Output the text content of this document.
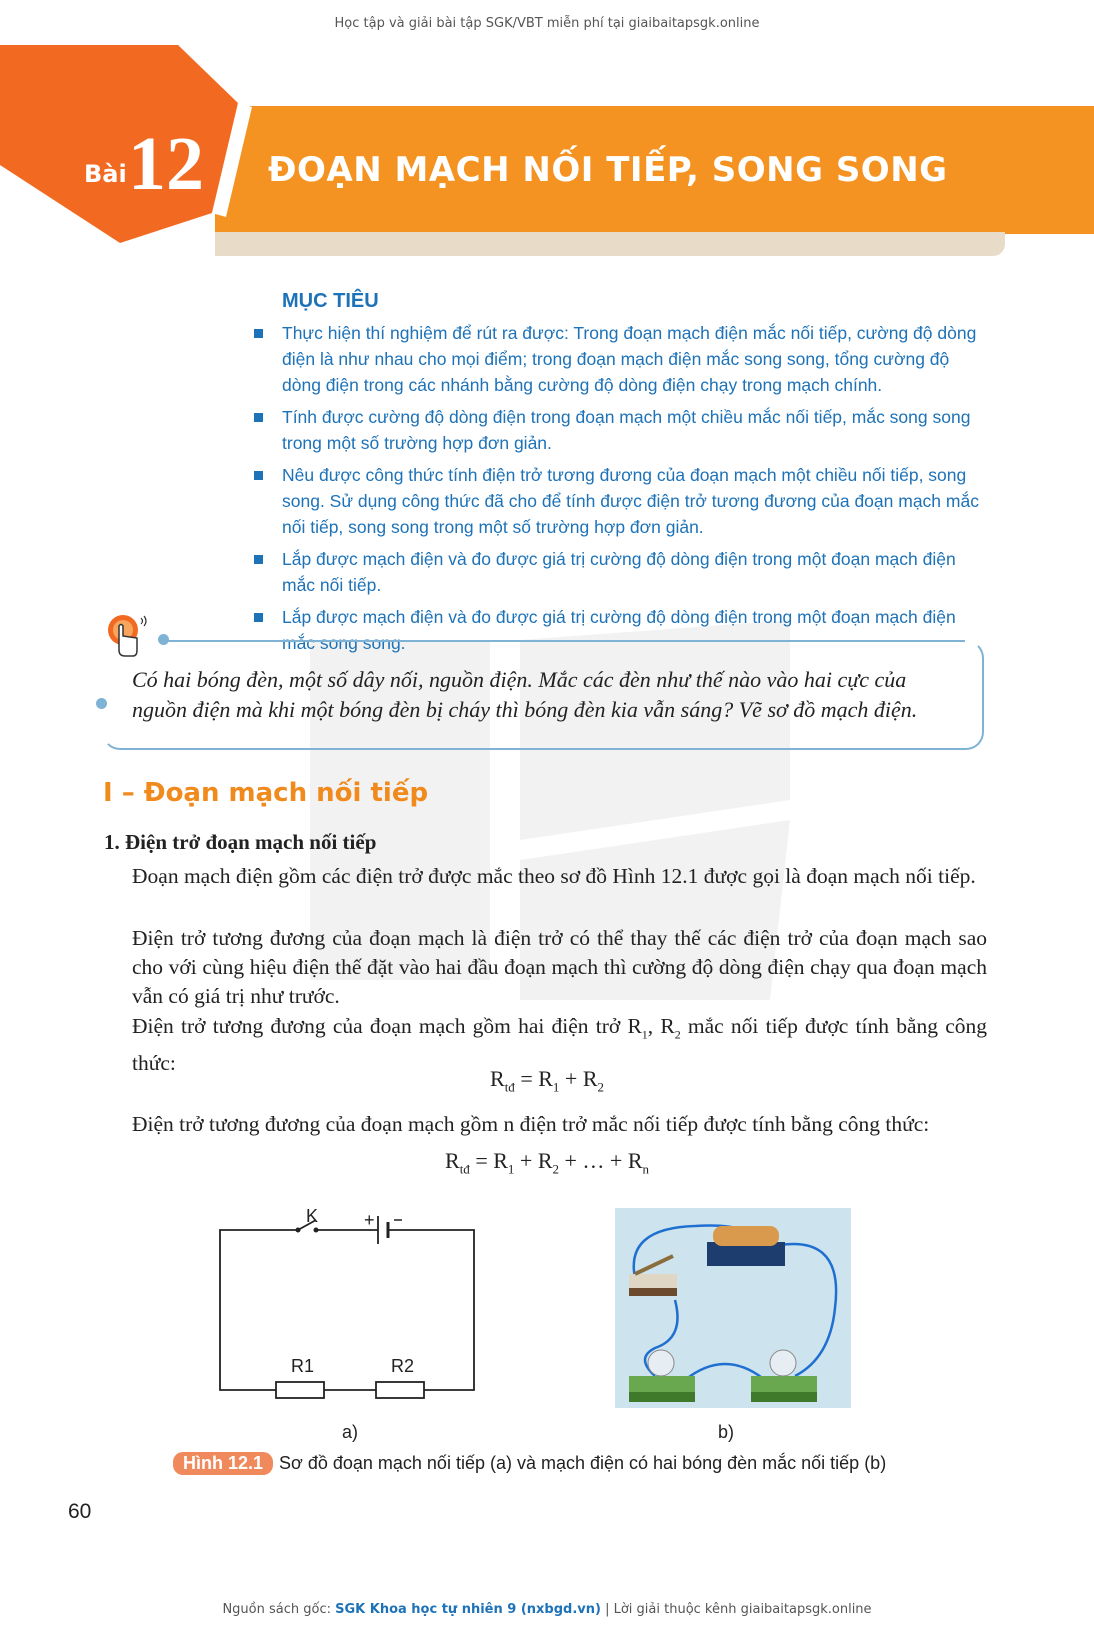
Học tập và giải bài tập SGK/VBT miễn phí tại giaibaitapsgk.online
Bài 12 ĐOẠN MẠCH NỐI TIẾP, SONG SONG
MỤC TIÊU
Thực hiện thí nghiệm để rút ra được: Trong đoạn mạch điện mắc nối tiếp, cường độ dòng điện là như nhau cho mọi điểm; trong đoạn mạch điện mắc song song, tổng cường độ dòng điện trong các nhánh bằng cường độ dòng điện chạy trong mạch chính.
Tính được cường độ dòng điện trong đoạn mạch một chiều mắc nối tiếp, mắc song song trong một số trường hợp đơn giản.
Nêu được công thức tính điện trở tương đương của đoạn mạch một chiều nối tiếp, song song. Sử dụng công thức đã cho để tính được điện trở tương đương của đoạn mạch mắc nối tiếp, song song trong một số trường hợp đơn giản.
Lắp được mạch điện và đo được giá trị cường độ dòng điện trong một đoạn mạch điện mắc nối tiếp.
Lắp được mạch điện và đo được giá trị cường độ dòng điện trong một đoạn mạch điện mắc song song.
Có hai bóng đèn, một số dây nối, nguồn điện. Mắc các đèn như thế nào vào hai cực của nguồn điện mà khi một bóng đèn bị cháy thì bóng đèn kia vẫn sáng? Vẽ sơ đồ mạch điện.
I – Đoạn mạch nối tiếp
1. Điện trở đoạn mạch nối tiếp
Đoạn mạch điện gồm các điện trở được mắc theo sơ đồ Hình 12.1 được gọi là đoạn mạch nối tiếp.
Điện trở tương đương của đoạn mạch là điện trở có thể thay thế các điện trở của đoạn mạch sao cho với cùng hiệu điện thế đặt vào hai đầu đoạn mạch thì cường độ dòng điện chạy qua đoạn mạch vẫn có giá trị như trước.
Điện trở tương đương của đoạn mạch gồm hai điện trở $R_1$, $R_2$ mắc nối tiếp được tính bằng công thức:
$R_{tđ} = R_1 + R_2$
Điện trở tương đương của đoạn mạch gồm n điện trở mắc nối tiếp được tính bằng công thức:
$R_{tđ} = R_1 + R_2$ + … + $R_n$
K	+
R1	R2
a)	b)
Hình 12.1 Sơ đồ đoạn mạch nối tiếp (a) và mạch điện có hai bóng đèn mắc nối tiếp (b)
60
Nguồn sách gốc: SGK Khoa học tự nhiên 9 (nxbgd.vn) | Lời giải thuộc kênh giaibaitapsgk.online
